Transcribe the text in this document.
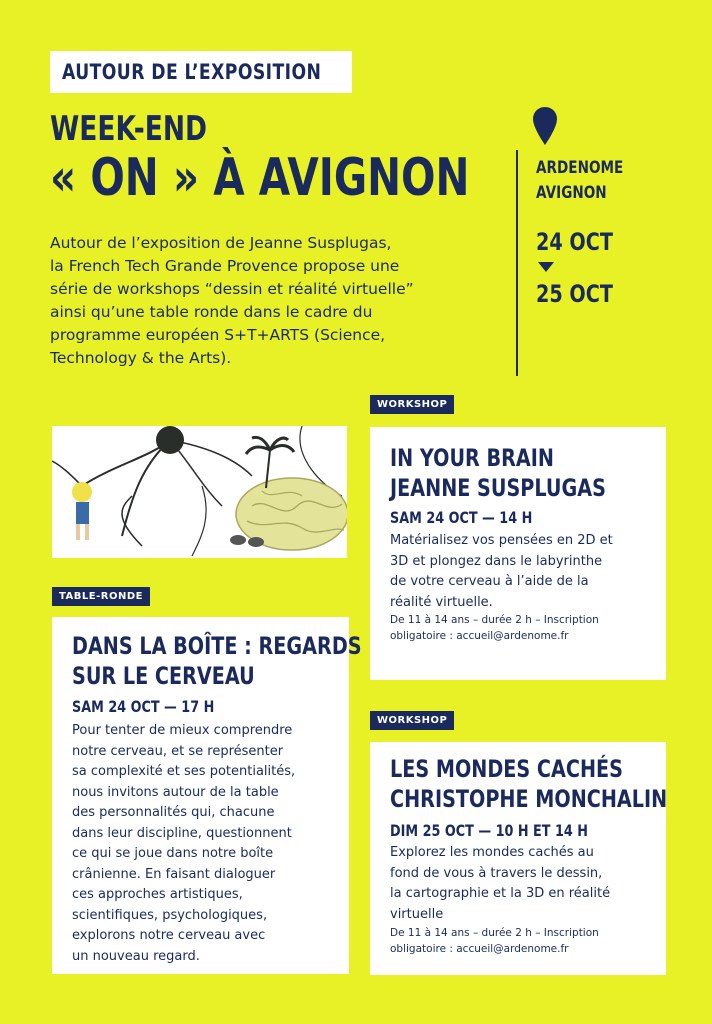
AUTOUR DE L’EXPOSITION
WEEK-END
« ON » À AVIGNON
Autour de l’exposition de Jeanne Susplugas,
la French Tech Grande Provence propose une
série de workshops “dessin et réalité virtuelle”
ainsi qu’une table ronde dans le cadre du
programme européen S+T+ARTS (Science,
Technology & the Arts).
ARDENOME
AVIGNON
24 OCT
25 OCT
WORKSHOP
TABLE-RONDE
WORKSHOP
IN YOUR BRAIN
JEANNE SUSPLUGAS
SAM 24 OCT — 14 H
Matérialisez vos pensées en 2D et
3D et plongez dans le labyrinthe
de votre cerveau à l’aide de la
réalité virtuelle.
De 11 à 14 ans – durée 2 h – Inscription
obligatoire : accueil@ardenome.fr
DANS LA BOÎTE : REGARDS
SUR LE CERVEAU
SAM 24 OCT — 17 H
Pour tenter de mieux comprendre
notre cerveau, et se représenter
sa complexité et ses potentialités,
nous invitons autour de la table
des personnalités qui, chacune
dans leur discipline, questionnent
ce qui se joue dans notre boîte
crânienne. En faisant dialoguer
ces approches artistiques,
scientifiques, psychologiques,
explorons notre cerveau avec
un nouveau regard.
LES MONDES CACHÉS
CHRISTOPHE MONCHALIN
DIM 25 OCT — 10 H ET 14 H
Explorez les mondes cachés au
fond de vous à travers le dessin,
la cartographie et la 3D en réalité
virtuelle
De 11 à 14 ans – durée 2 h – Inscription
obligatoire : accueil@ardenome.fr
